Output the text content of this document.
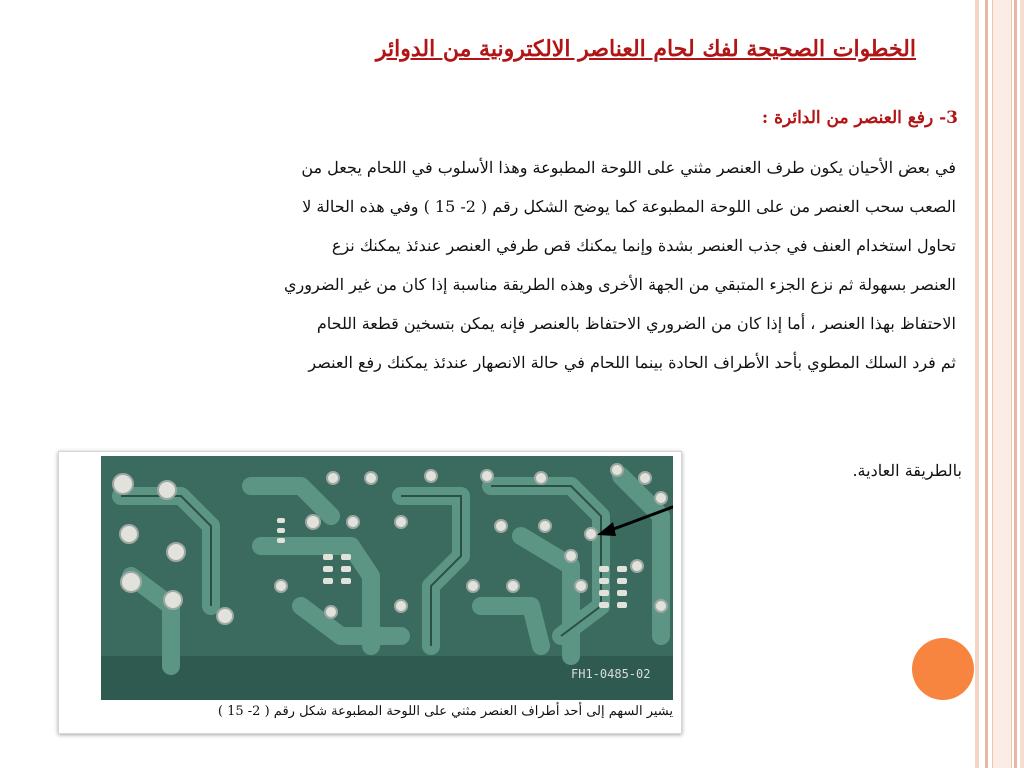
الخطوات الصحيحة لفك لحام العناصر الالكترونية من الدوائر
3- رفع العنصر من الدائرة :

في بعض الأحيان يكون طرف العنصر مثني على اللوحة المطبوعة وهذا الأسلوب في اللحام يجعل من

الصعب سحب العنصر من على اللوحة المطبوعة كما يوضح الشكل رقم ( 2- 15 ) وفي هذه الحالة لا

تحاول استخدام العنف في جذب العنصر بشدة وإنما يمكنك قص طرفي العنصر عندئذ يمكنك نزع

العنصر بسهولة ثم نزع الجزء المتبقي من الجهة الأخرى وهذه الطريقة مناسبة إذا كان من غير الضروري

الاحتفاظ بهذا العنصر ، أما إذا كان من الضروري الاحتفاظ بالعنصر فإنه يمكن بتسخين قطعة اللحام

ثم فرد السلك المطوي بأحد الأطراف الحادة بينما اللحام في حالة الانصهار عندئذ يمكنك رفع العنصر

بالطريقة العادية.
FH1-0485-02
يشير السهم إلى أحد أطراف العنصر مثني على اللوحة المطبوعة شكل رقم ( 2- 15 )
